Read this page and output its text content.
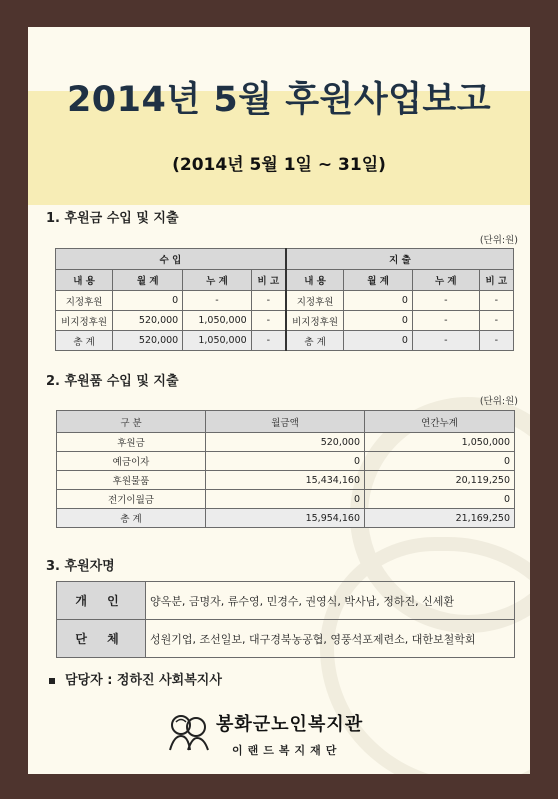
2014년 5월 후원사업보고
(2014년 5월 1일 ~ 31일)
1. 후원금 수입 및 지출
(단위:원)
수 입				지 출			
내 용	월 계	누 계	비 고	내 용	월 계	누 계	비 고
지정후원	0	-	-	지정후원	0	-	-
비지정후원	520,000	1,050,000	-	비지정후원	0	-	-
총 계	520,000	1,050,000	-	총 계	0	-	-
2. 후원품 수입 및 지출
(단위:원)
구 분	월금액	연간누계
후원금	520,000	1,050,000
예금이자	0	0
후원물품	15,434,160	20,119,250
전기이월금	0	0
총 계	15,954,160	21,169,250
3. 후원자명
개 인	양옥분, 금명자, 류수영, 민경수, 권영식, 박사남, 정하진, 신세환
단 체	성원기업, 조선일보, 대구경북농공협, 영풍석포제련소, 대한보철학회
담당자 : 정하진 사회복지사
봉화군노인복지관
이랜드복지재단
